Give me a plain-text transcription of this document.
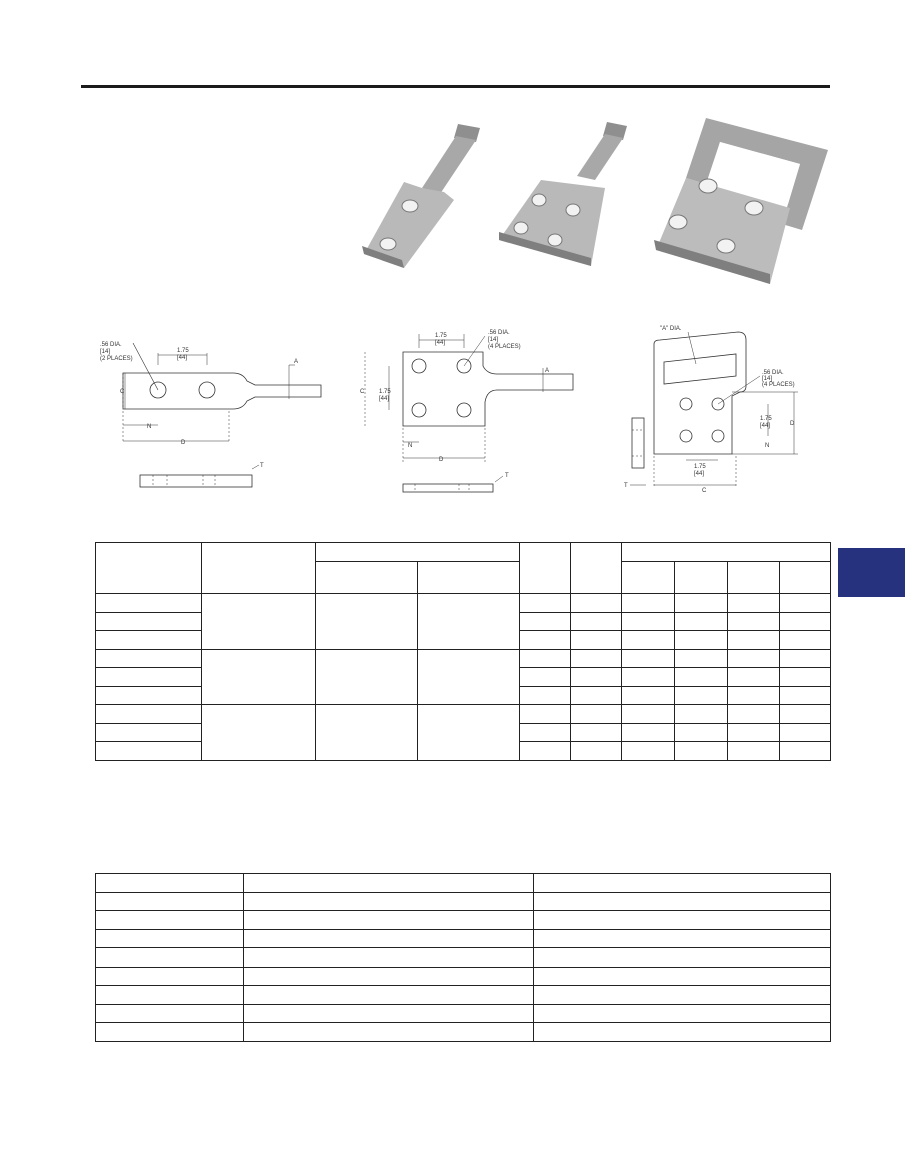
.56 DIA.
[14]
(2 PLACES)
1.75
[44]
A
C
N
D
T
1.75
[44]
.56 DIA.
[14]
(4 PLACES)
1.75
[44]
A
C
N
D
T
"A" DIA.
.56 DIA.
[14]
(4 PLACES)
1.75
[44]	D
N
1.75
[44]
T
C
